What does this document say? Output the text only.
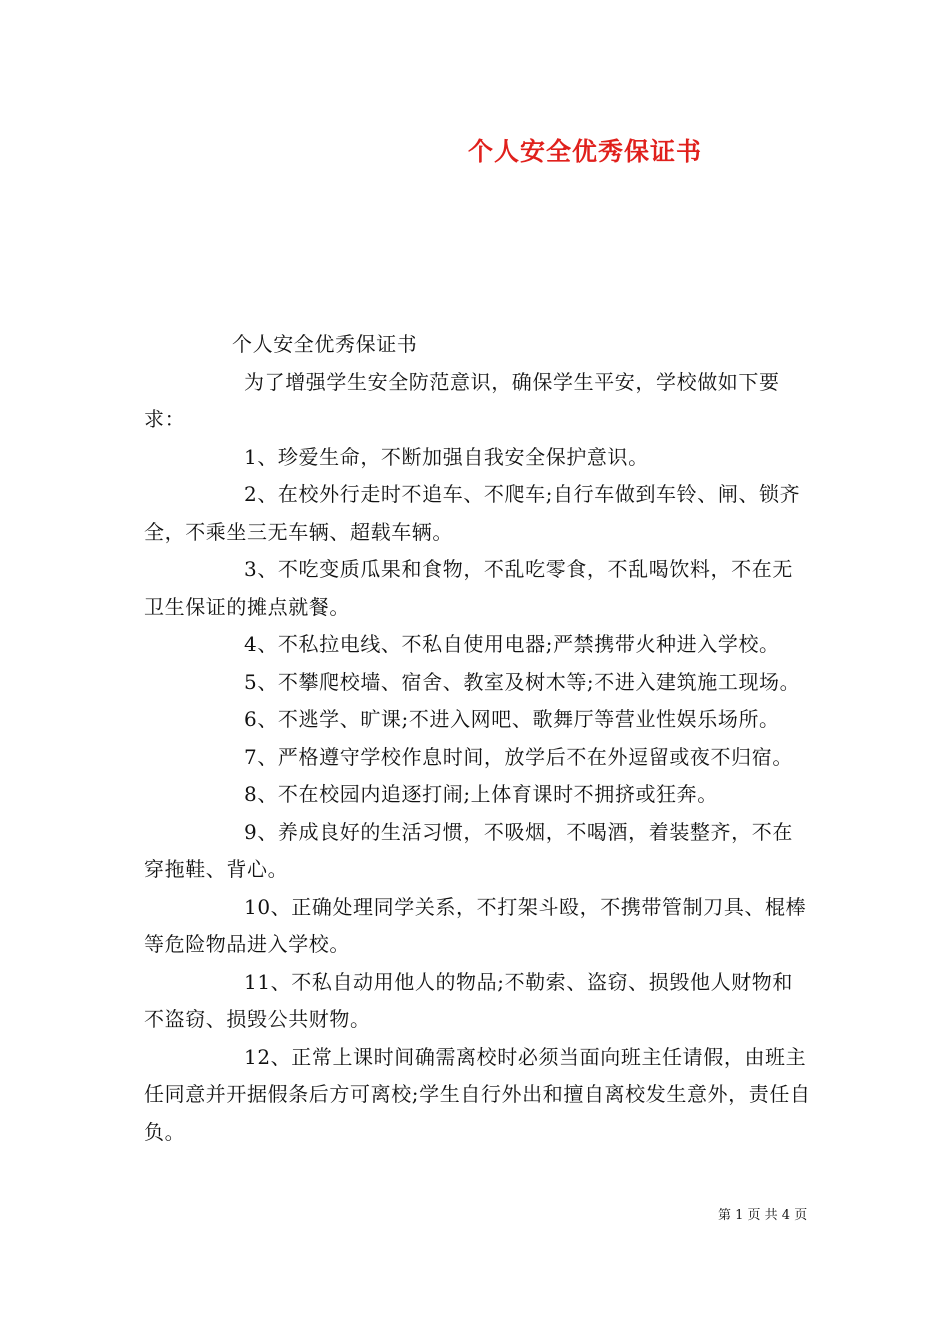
个人安全优秀保证书

个人安全优秀保证书

为了增强学生安全防范意识，确保学生平安，学校做如下要求：

1、珍爱生命，不断加强自我安全保护意识。

2、在校外行走时不追车、不爬车;自行车做到车铃、闸、锁齐全，不乘坐三无车辆、超载车辆。

3、不吃变质瓜果和食物，不乱吃零食，不乱喝饮料，不在无卫生保证的摊点就餐。

4、不私拉电线、不私自使用电器;严禁携带火种进入学校。

5、不攀爬校墙、宿舍、教室及树木等;不进入建筑施工现场。

6、不逃学、旷课;不进入网吧、歌舞厅等营业性娱乐场所。

7、严格遵守学校作息时间，放学后不在外逗留或夜不归宿。

8、不在校园内追逐打闹;上体育课时不拥挤或狂奔。

9、养成良好的生活习惯，不吸烟，不喝酒，着装整齐，不在穿拖鞋、背心。

10、正确处理同学关系，不打架斗殴，不携带管制刀具、棍棒等危险物品进入学校。

11、不私自动用他人的物品;不勒索、盗窃、损毁他人财物和不盗窃、损毁公共财物。

12、正常上课时间确需离校时必须当面向班主任请假，由班主任同意并开据假条后方可离校;学生自行外出和擅自离校发生意外，责任自负。

第 1 页 共 4 页
